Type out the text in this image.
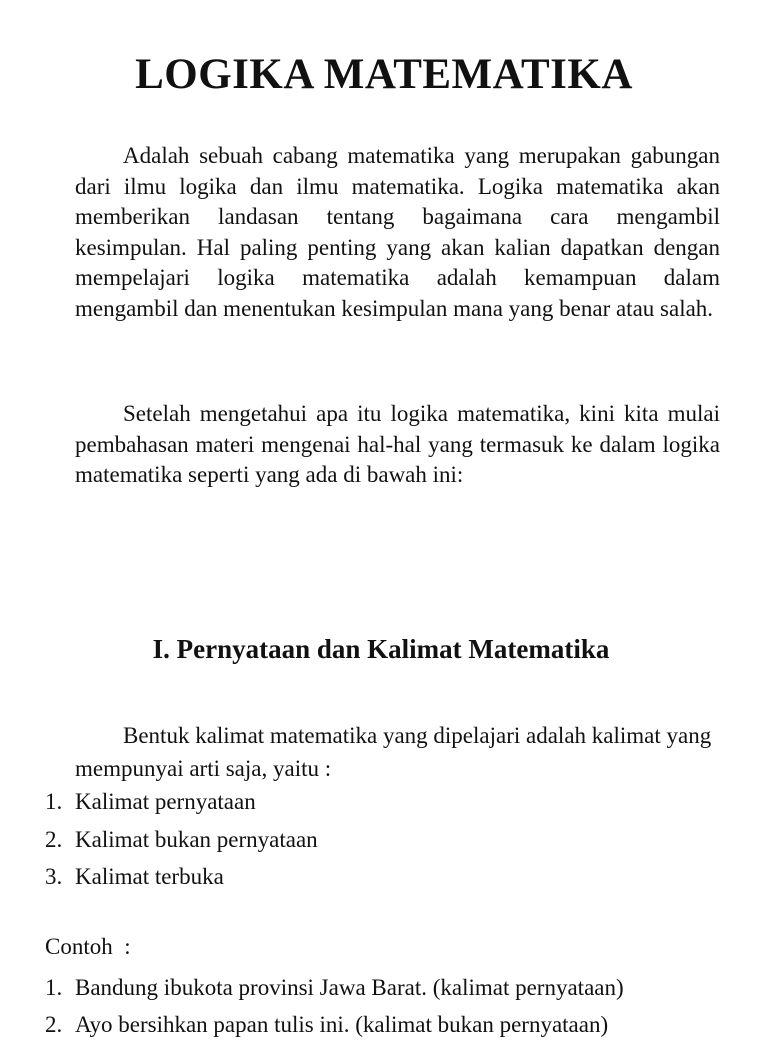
LOGIKA MATEMATIKA

Adalah sebuah cabang matematika yang merupakan gabungan dari ilmu logika dan ilmu matematika. Logika matematika akan memberikan landasan tentang bagaimana cara mengambil kesimpulan. Hal paling penting yang akan kalian dapatkan dengan mempelajari logika matematika adalah kemampuan dalam mengambil dan menentukan kesimpulan mana yang benar atau salah.

Setelah mengetahui apa itu logika matematika, kini kita mulai pembahasan materi mengenai hal-hal yang termasuk ke dalam logika matematika seperti yang ada di bawah ini:

I. Pernyataan dan Kalimat Matematika

Bentuk kalimat matematika yang dipelajari adalah kalimat yang mempunyai arti saja, yaitu :

1. Kalimat pernyataan
2. Kalimat bukan pernyataan
3. Kalimat terbuka

Contoh  :

1. Bandung ibukota provinsi Jawa Barat. (kalimat pernyataan)
2. Ayo bersihkan papan tulis ini. (kalimat bukan pernyataan)
